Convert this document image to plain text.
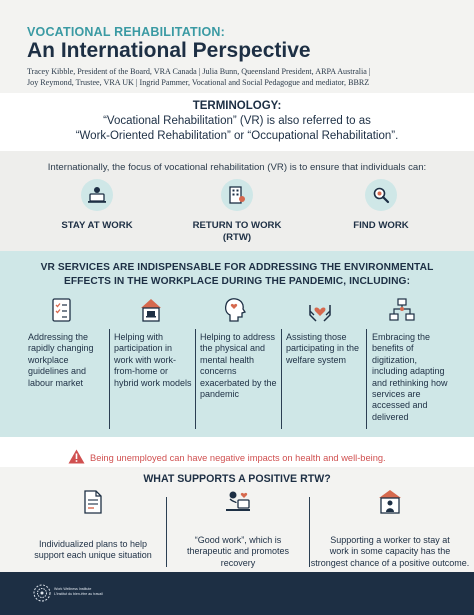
VOCATIONAL REHABILITATION:
An International Perspective
Tracey Kibble, President of the Board, VRA Canada | Julia Bunn, Queensland President, ARPA Australia |
Joy Reymond, Trustee, VRA UK | Ingrid Pammer, Vocational and Social Pedagogue and mediator, BBRZ
TERMINOLOGY:
“Vocational Rehabilitation” (VR) is also referred to as
“Work-Oriented Rehabilitation” or “Occupational Rehabilitation”.
Internationally, the focus of vocational rehabilitation (VR) is to ensure that individuals can:
STAY AT WORK	RETURN TO WORK
(RTW)
FIND WORK
VR SERVICES ARE INDISPENSABLE FOR ADDRESSING THE ENVIRONMENTAL
EFFECTS IN THE WORKPLACE DURING THE PANDEMIC, INCLUDING:
Addressing the rapidly changing workplace guidelines and labour market
Helping with participation in work with work-from-home or hybrid work models
Helping to address the physical and mental health concerns exacerbated by the pandemic
Assisting those participating in the welfare system
Embracing the benefits of digitization, including adapting and rethinking how services are accessed and delivered
Being unemployed can have negative impacts on health and well-being.
WHAT SUPPORTS A POSITIVE RTW?
Individualized plans to help
support each unique situation
“Good work”, which is
therapeutic and promotes
recovery
Supporting a worker to stay at
work in some capacity has the
strongest chance of a positive outcome.
Work Wellness Institute
L'institut du bien-être au travail
